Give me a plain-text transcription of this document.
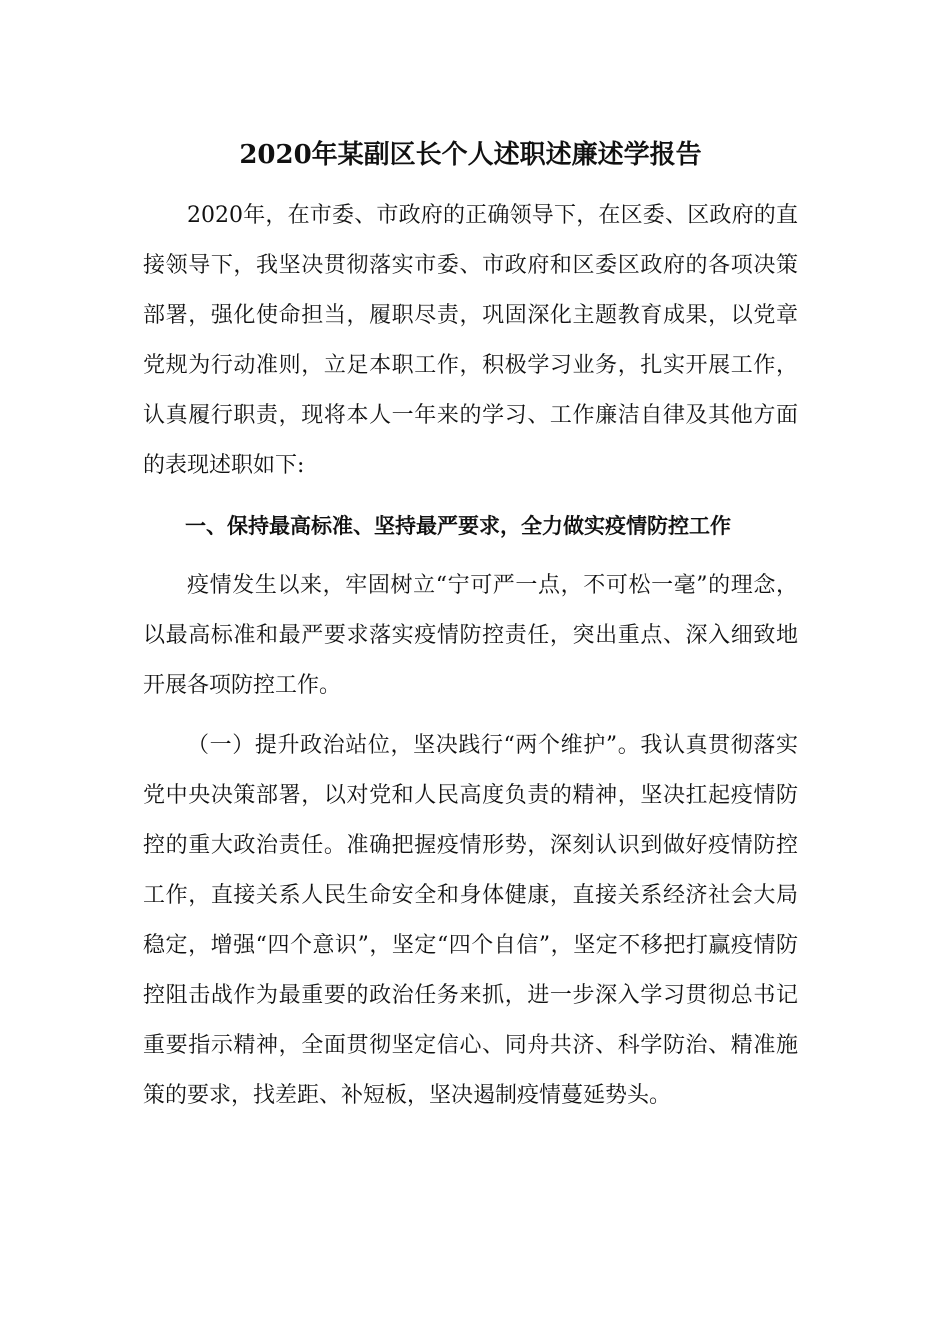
2020年某副区长个人述职述廉述学报告

2020年，在市委、市政府的正确领导下，在区委、区政府的直接领导下，我坚决贯彻落实市委、市政府和区委区政府的各项决策部署，强化使命担当，履职尽责，巩固深化主题教育成果，以党章党规为行动准则，立足本职工作，积极学习业务，扎实开展工作，认真履行职责，现将本人一年来的学习、工作廉洁自律及其他方面的表现述职如下:

一、保持最高标准、坚持最严要求，全力做实疫情防控工作

疫情发生以来，牢固树立“宁可严一点，不可松一毫”的理念，以最高标准和最严要求落实疫情防控责任，突出重点、深入细致地开展各项防控工作。

（一）提升政治站位，坚决践行“两个维护”。我认真贯彻落实党中央决策部署，以对党和人民高度负责的精神，坚决扛起疫情防控的重大政治责任。准确把握疫情形势，深刻认识到做好疫情防控工作，直接关系人民生命安全和身体健康，直接关系经济社会大局稳定，增强“四个意识”，坚定“四个自信”，坚定不移把打赢疫情防控阻击战作为最重要的政治任务来抓，进一步深入学习贯彻总书记重要指示精神，全面贯彻坚定信心、同舟共济、科学防治、精准施策的要求，找差距、补短板，坚决遏制疫情蔓延势头。
